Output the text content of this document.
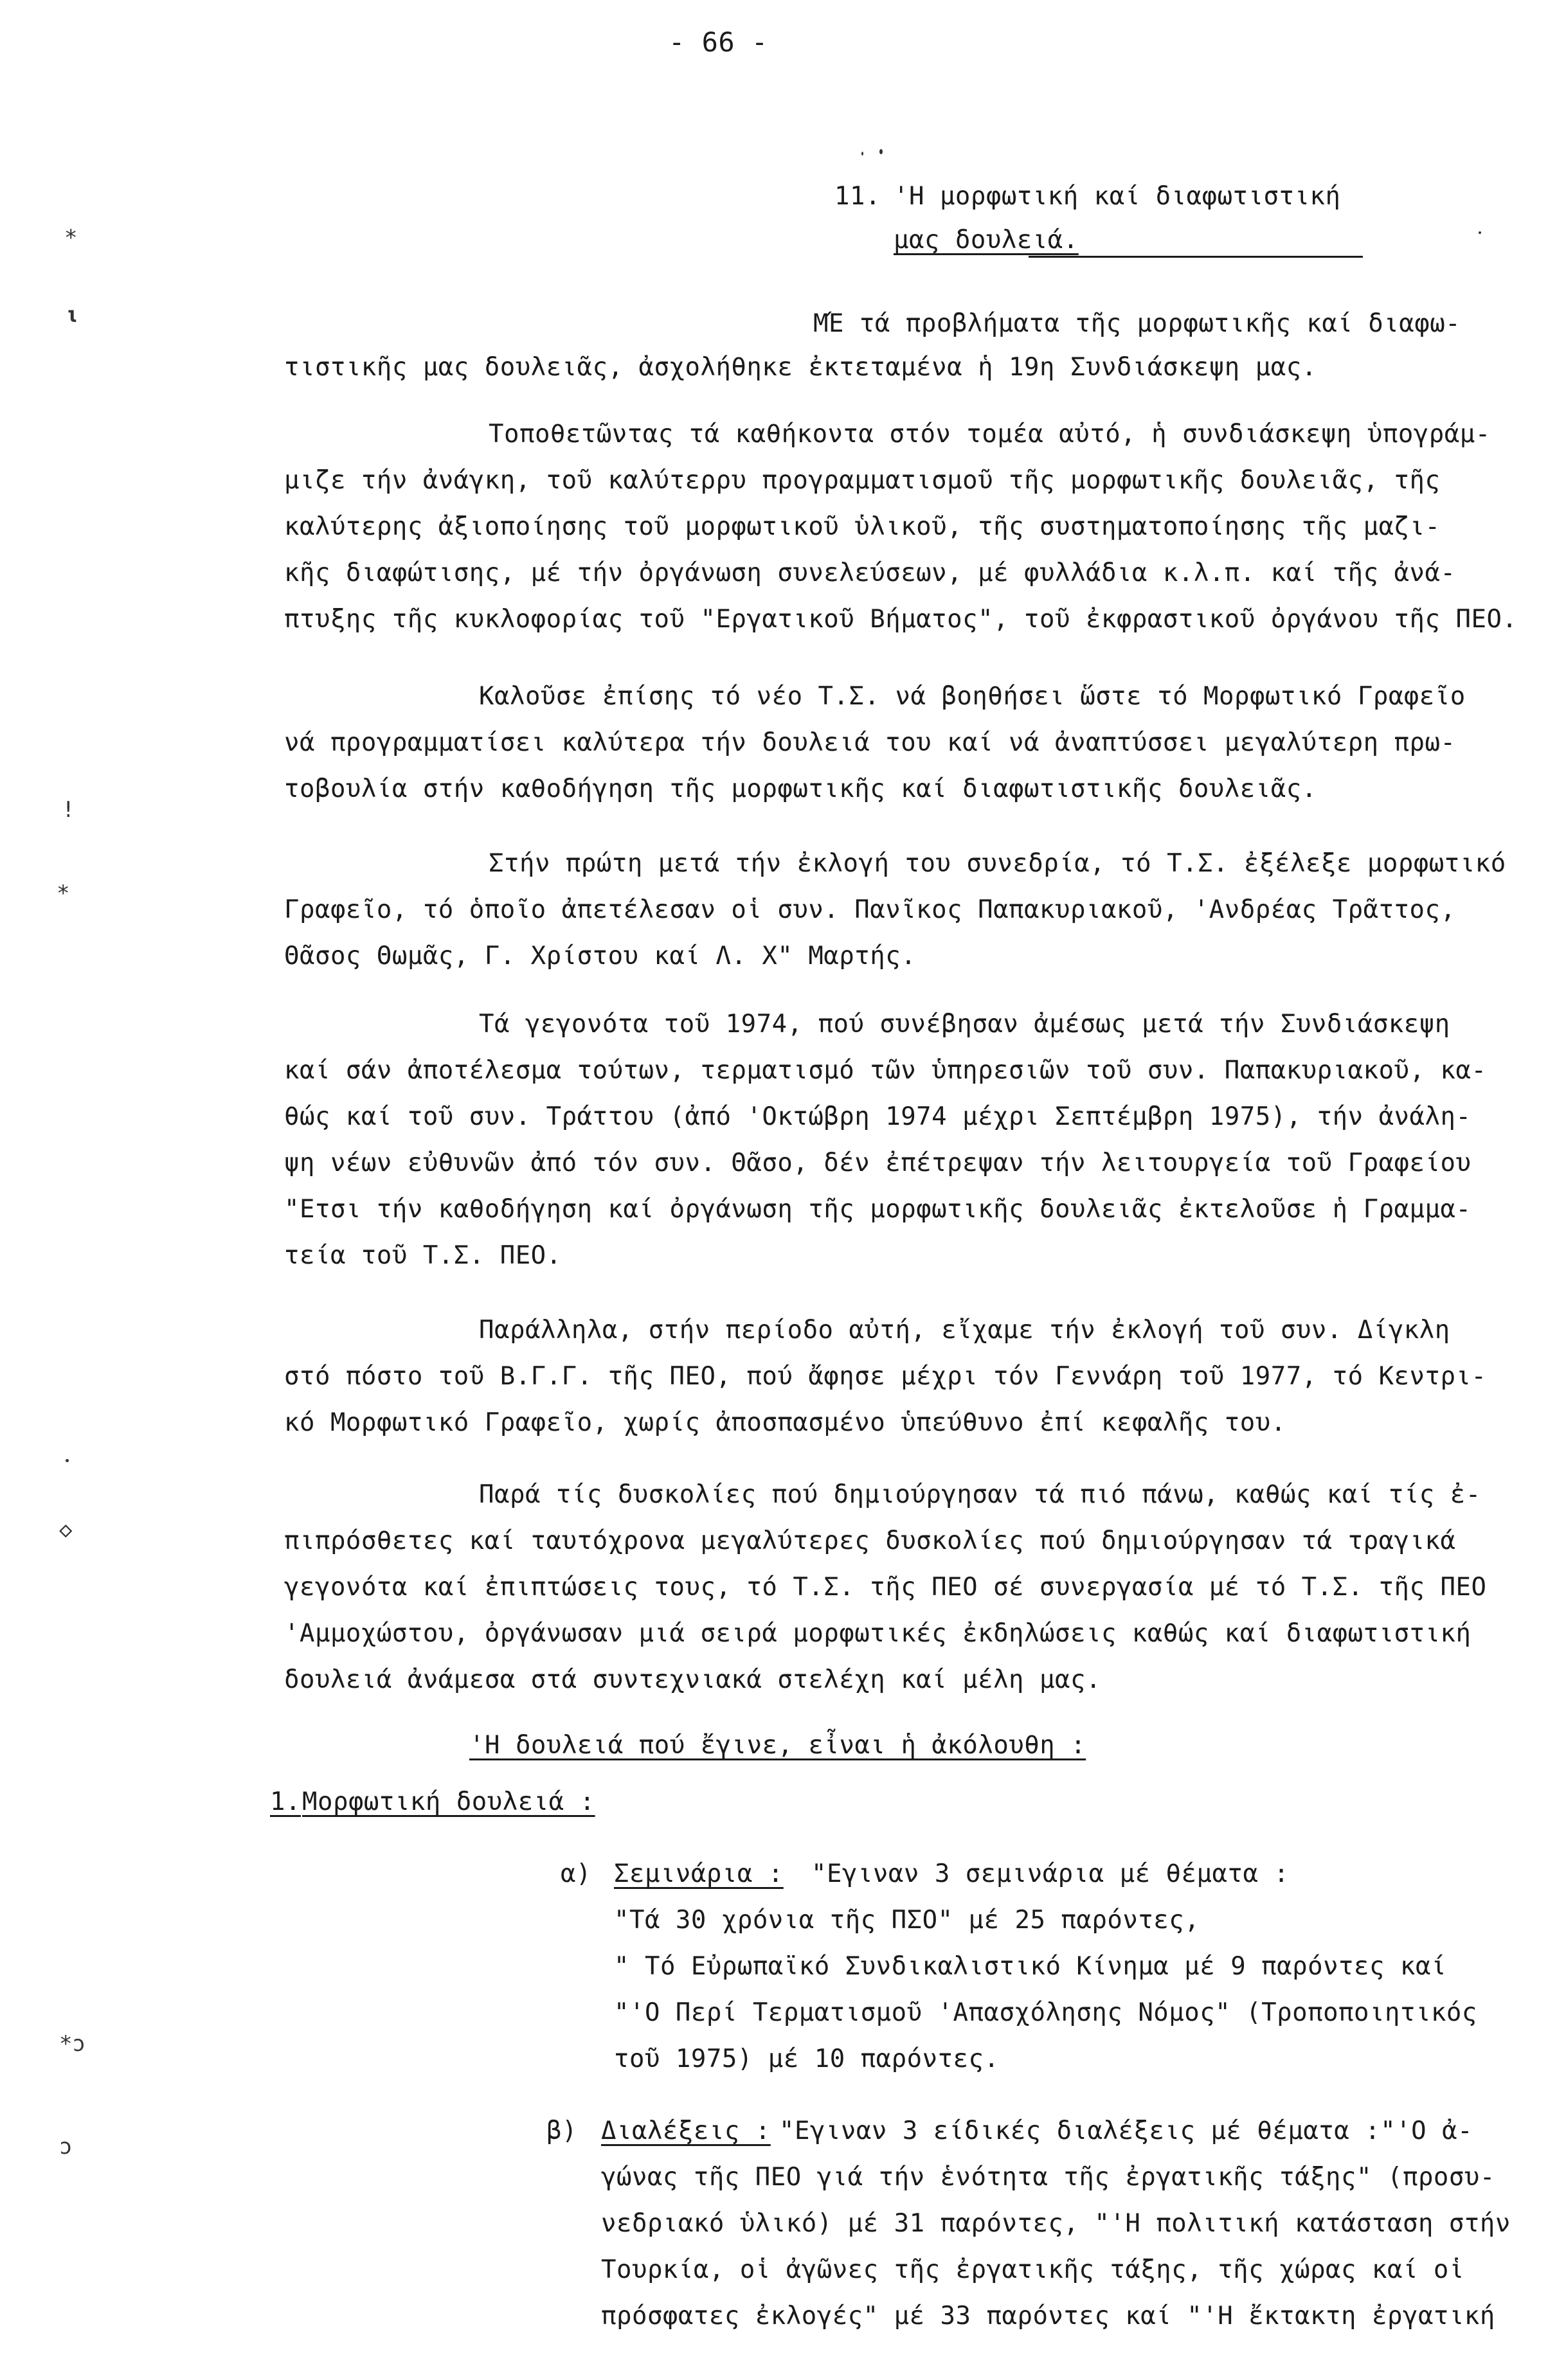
- 66 -
11. 'Η μορφωτική καί διαφωτιστική
μας δουλειά.
ΜΈ τά προβλήματα τῆς μορφωτικῆς καί διαφω-
τιστικῆς μας δουλειᾶς, ἀσχολήθηκε ἐκτεταμένα ἡ 19η Συνδιάσκεψη μας.
Τοποθετῶντας τά καθήκοντα στόν τομέα αὐτό, ἡ συνδιάσκεψη ὑπογράμ-
μιζε τήν ἀνάγκη, τοῦ καλύτερρυ προγραμματισμοῦ τῆς μορφωτικῆς δουλειᾶς, τῆς
καλύτερης ἀξιοποίησης τοῦ μορφωτικοῦ ὑλικοῦ, τῆς συστηματοποίησης τῆς μαζι-
κῆς διαφώτισης, μέ τήν ὀργάνωση συνελεύσεων, μέ φυλλάδια κ.λ.π. καί τῆς ἀνά-
πτυξης τῆς κυκλοφορίας τοῦ "Εργατικοῦ Βήματος", τοῦ ἐκφραστικοῦ ὀργάνου τῆς ΠΕΟ.
Καλοῦσε ἐπίσης τό νέο Τ.Σ. νά βοηθήσει ὥστε τό Μορφωτικό Γραφεῖο
νά προγραμματίσει καλύτερα τήν δουλειά του καί νά ἀναπτύσσει μεγαλύτερη πρω-
τοβουλία στήν καθοδήγηση τῆς μορφωτικῆς καί διαφωτιστικῆς δουλειᾶς.
Στήν πρώτη μετά τήν ἐκλογή του συνεδρία, τό Τ.Σ. ἐξέλεξε μορφωτικό
Γραφεῖο, τό ὁποῖο ἀπετέλεσαν οἱ συν. Πανῖκος Παπακυριακοῦ, 'Ανδρέας Τρᾶττος,
Θᾶσος Θωμᾶς, Γ. Χρίστου καί Λ. Χ" Μαρτής.
Τά γεγονότα τοῦ 1974, πού συνέβησαν ἀμέσως μετά τήν Συνδιάσκεψη
καί σάν ἀποτέλεσμα τούτων, τερματισμό τῶν ὑπηρεσιῶν τοῦ συν. Παπακυριακοῦ, κα-
θώς καί τοῦ συν. Τράττου (ἀπό 'Οκτώβρη 1974 μέχρι Σεπτέμβρη 1975), τήν ἀνάλη-
ψη νέων εὐθυνῶν ἀπό τόν συν. Θᾶσο, δέν ἐπέτρεψαν τήν λειτουργεία τοῦ Γραφείου
"Ετσι τήν καθοδήγηση καί ὀργάνωση τῆς μορφωτικῆς δουλειᾶς ἐκτελοῦσε ἡ Γραμμα-
τεία τοῦ Τ.Σ. ΠΕΟ.
Παράλληλα, στήν περίοδο αὐτή, εἴχαμε τήν ἐκλογή τοῦ συν. Δίγκλη
στό πόστο τοῦ Β.Γ.Γ. τῆς ΠΕΟ, πού ἄφησε μέχρι τόν Γεννάρη τοῦ 1977, τό Κεντρι-
κό Μορφωτικό Γραφεῖο, χωρίς ἀποσπασμένο ὑπεύθυνο ἐπί κεφαλῆς του.
Παρά τίς δυσκολίες πού δημιούργησαν τά πιό πάνω, καθώς καί τίς ἐ-
πιπρόσθετες καί ταυτόχρονα μεγαλύτερες δυσκολίες πού δημιούργησαν τά τραγικά
γεγονότα καί ἐπιπτώσεις τους, τό Τ.Σ. τῆς ΠΕΟ σέ συνεργασία μέ τό Τ.Σ. τῆς ΠΕΟ
'Αμμοχώστου, ὀργάνωσαν μιά σειρά μορφωτικές ἐκδηλώσεις καθώς καί διαφωτιστική
δουλειά ἀνάμεσα στά συντεχνιακά στελέχη καί μέλη μας.
'Η δουλειά πού ἔγινε, εἶναι ἡ ἀκόλουθη :
1. Μορφωτική δουλειά :
α) Σεμινάρια : "Εγιναν 3 σεμινάρια μέ θέματα :
"Τά 30 χρόνια τῆς ΠΣΟ" μέ 25 παρόντες,
" Τό Εὐρωπαϊκό Συνδικαλιστικό Κίνημα μέ 9 παρόντες καί
"'Ο Περί Τερματισμοῦ 'Απασχόλησης Νόμος" (Τροποποιητικός
τοῦ 1975) μέ 10 παρόντες.
β) Διαλέξεις : "Εγιναν 3 είδικές διαλέξεις μέ θέματα :"'Ο ἀ-
γώνας τῆς ΠΕΟ γιά τήν ἑνότητα τῆς ἐργατικῆς τάξης" (προσυ-
νεδριακό ὑλικό) μέ 31 παρόντες, "'Η πολιτική κατάσταση στήν
Τουρκία, οἱ ἀγῶνες τῆς ἐργατικῆς τάξης, τῆς χώρας καί οἱ
πρόσφατες ἐκλογές" μέ 33 παρόντες καί "'Η ἔκτακτη ἐργατική
*
ι
!
*
◇
*ɔ
ɔ
